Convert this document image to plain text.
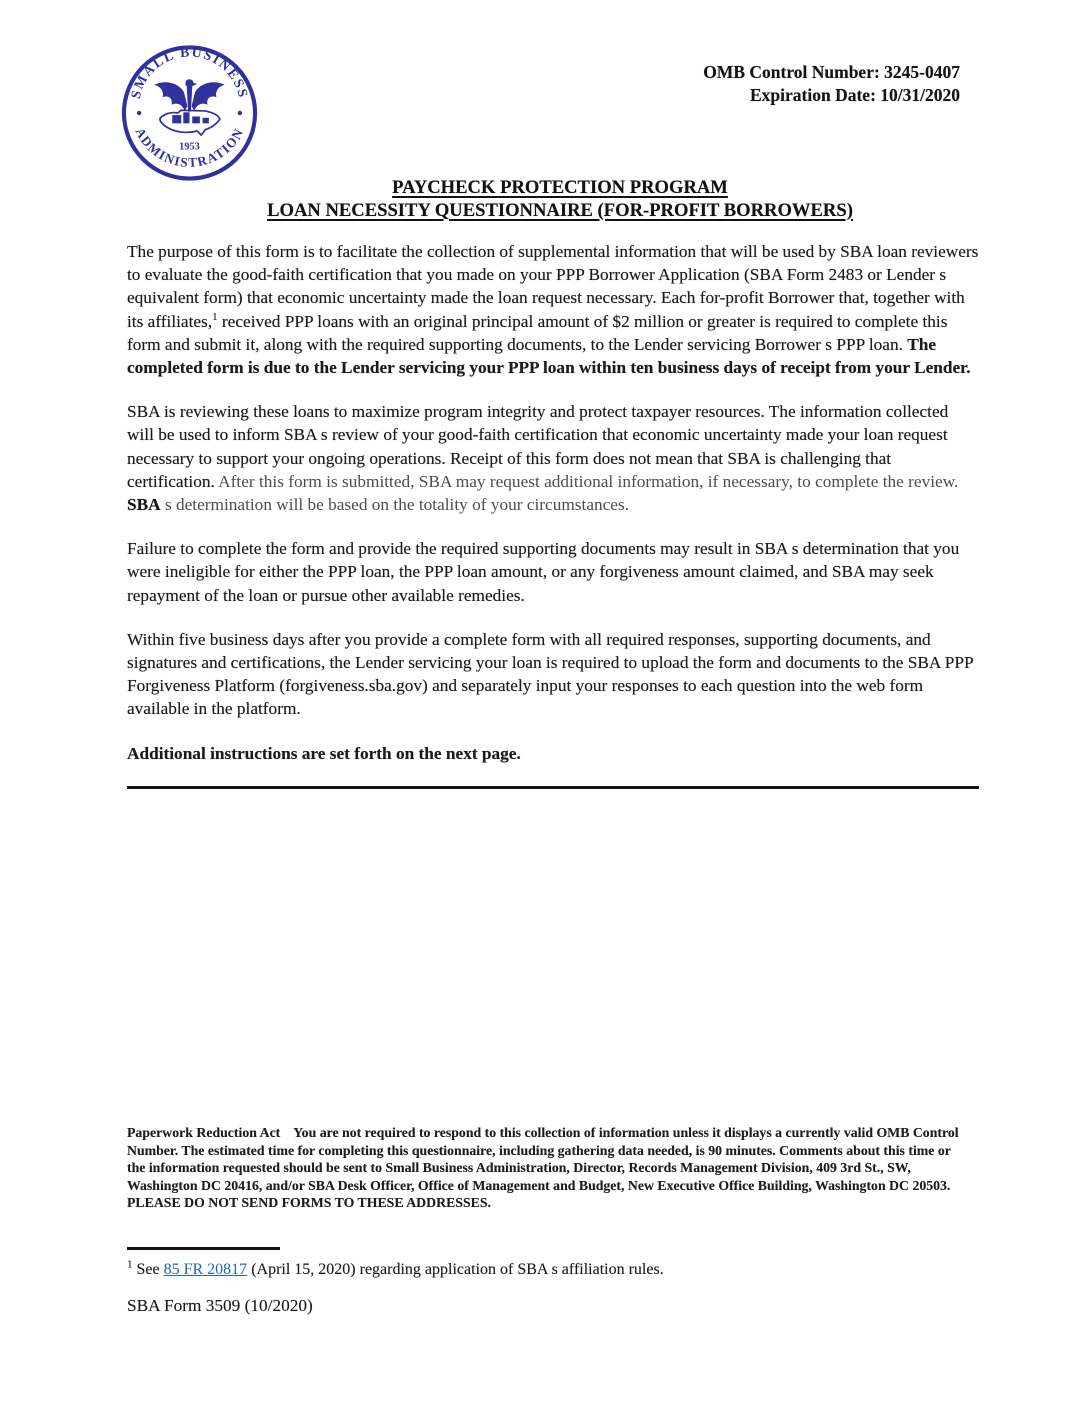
SMALL BUSINESS
ADMINISTRATION
1953
OMB Control Number: 3245-0407
Expiration Date: 10/31/2020
PAYCHECK PROTECTION PROGRAM
LOAN NECESSITY QUESTIONNAIRE (FOR-PROFIT BORROWERS)

The purpose of this form is to facilitate the collection of supplemental information that will be used by SBA loan reviewers to evaluate the good-faith certification that you made on your PPP Borrower Application (SBA Form 2483 or Lender s equivalent form) that economic uncertainty made the loan request necessary. Each for-profit Borrower that, together with its affiliates,$^1$ received PPP loans with an original principal amount of $2 million or greater is required to complete this form and submit it, along with the required supporting documents, to the Lender servicing Borrower s PPP loan. The completed form is due to the Lender servicing your PPP loan within ten business days of receipt from your Lender.

SBA is reviewing these loans to maximize program integrity and protect taxpayer resources. The information collected will be used to inform SBA s review of your good-faith certification that economic uncertainty made your loan request necessary to support your ongoing operations. Receipt of this form does not mean that SBA is challenging that certification. After this form is submitted, SBA may request additional information, if necessary, to complete the review. SBA s determination will be based on the totality of your circumstances.

Failure to complete the form and provide the required supporting documents may result in SBA s determination that you were ineligible for either the PPP loan, the PPP loan amount, or any forgiveness amount claimed, and SBA may seek repayment of the loan or pursue other available remedies.

Within five business days after you provide a complete form with all required responses, supporting documents, and signatures and certifications, the Lender servicing your loan is required to upload the form and documents to the SBA PPP Forgiveness Platform (forgiveness.sba.gov) and separately input your responses to each question into the web form available in the platform.

Additional instructions are set forth on the next page.

Paperwork Reduction Act You are not required to respond to this collection of information unless it displays a currently valid OMB Control Number. The estimated time for completing this questionnaire, including gathering data needed, is 90 minutes. Comments about this time or the information requested should be sent to Small Business Administration, Director, Records Management Division, 409 3rd St., SW, Washington DC 20416, and/or SBA Desk Officer, Office of Management and Budget, New Executive Office Building, Washington DC 20503. PLEASE DO NOT SEND FORMS TO THESE ADDRESSES.
$^1$ See 85 FR 20817 (April 15, 2020) regarding application of SBA s affiliation rules.
SBA Form 3509 (10/2020)
